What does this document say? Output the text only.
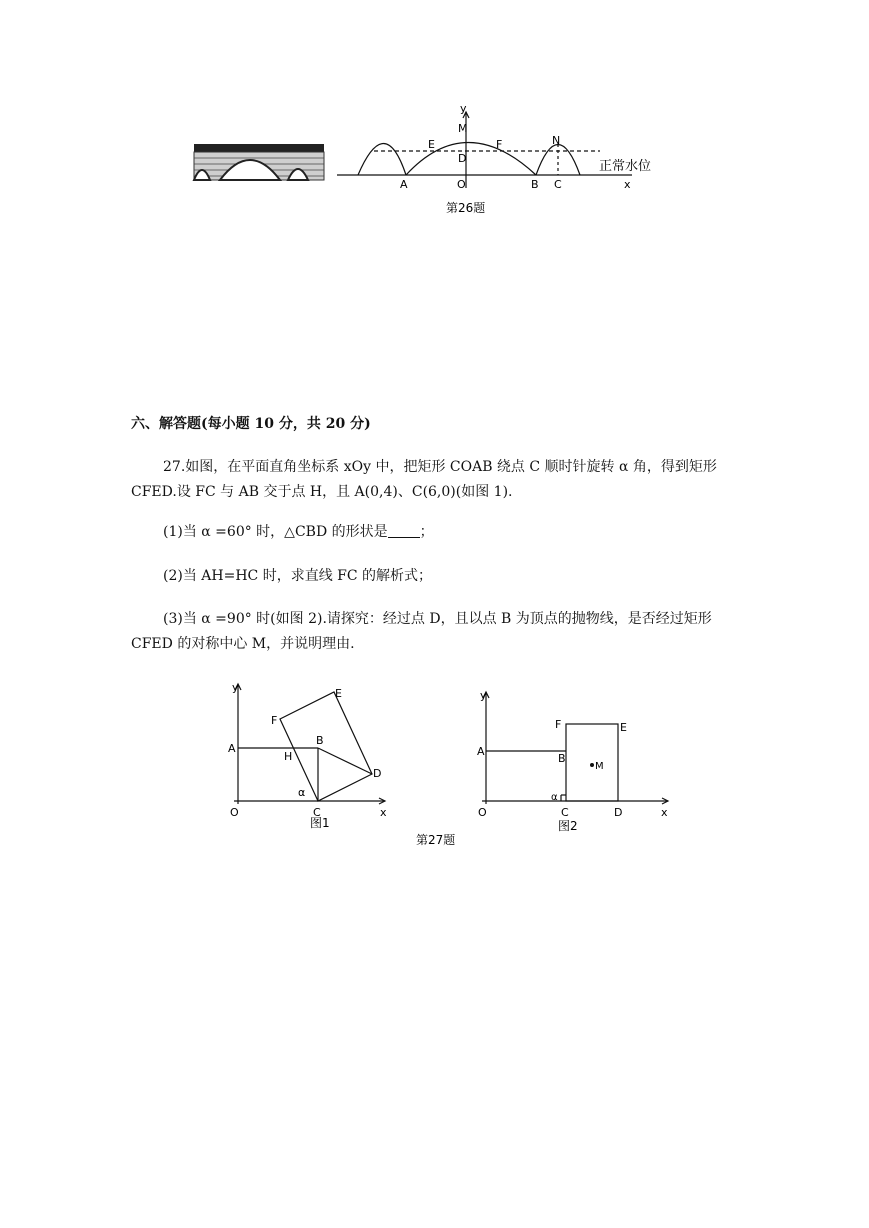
y
M
E	F	N
D
A	O	B C	x
正常水位
第26题
六、解答题(每小题 10 分，共 20 分)
27.如图，在平面直角坐标系 xOy 中，把矩形 COAB 绕点 C 顺时针旋转 α 角，得到矩形 CFED.设 FC 与 AB 交于点 H，且 A(0,4)、C(6,0)(如图 1).
(1)当 α =60° 时，△CBD 的形状是 ；
(2)当 AH=HC 时，求直线 FC 的解析式；
(3)当 α =90° 时(如图 2).请探究：经过点 D，且以点 B 为顶点的抛物线，是否经过矩形 CFED 的对称中心 M，并说明理由.
y
x
O
A
B
C
D
E
F
H
α
图1
y
x
O
A
B
C	D
E
F
M
α
图2
第27题
